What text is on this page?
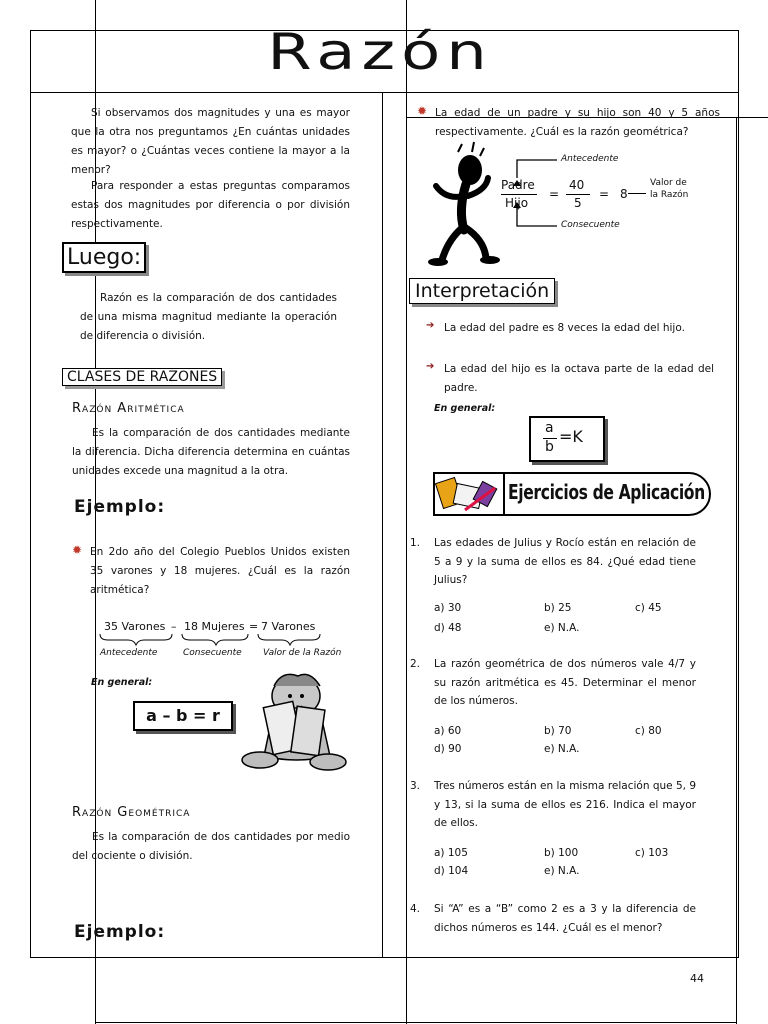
Razón
Si observamos dos magnitudes y una es mayor que la otra nos preguntamos ¿En cuántas unidades es mayor? o ¿Cuántas veces contiene la mayor a la menor?
Para responder a estas preguntas comparamos estas dos magnitudes por diferencia o por división respectivamente.
Luego:
Razón es la comparación de dos cantidades de una misma magnitud mediante la operación de diferencia o división.
CLASES DE RAZONES
Razón Aritmética
Es la comparación de dos cantidades mediante la diferencia. Dicha diferencia determina en cuántas unidades excede una magnitud a la otra.
Ejemplo:
✹ En 2do año del Colegio Pueblos Unidos existen 35 varones y 18 mujeres. ¿Cuál es la razón aritmética?
35 Varones – 18 Mujeres = 7 Varones
Antecedente	Consecuente Valor de la Razón
En general:
a – b = r
Razón Geométrica
Es la comparación de dos cantidades por medio del cociente o división.
Ejemplo:
✹ La edad de un padre y su hijo son 40 y 5 años respectivamente. ¿Cuál es la razón geométrica?
Antecedente
Padre
Hijo
=
40
5
= 8
Valor de
la Razón
Consecuente
Interpretación
➔ La edad del padre es 8 veces la edad del hijo.
➔ La edad del hijo es la octava parte de la edad del padre.
En general:
a
b
=K
Ejercicios de Aplicación
1. Las edades de Julius y Rocío están en relación de 5 a 9 y la suma de ellos es 84. ¿Qué edad tiene Julius?
a) 30	b) 25	c) 45
d) 48	e) N.A.
2. La razón geométrica de dos números vale 4/7 y su razón aritmética es 45. Determinar el menor de los números.
a) 60	b) 70	c) 80
d) 90	e) N.A.
3. Tres números están en la misma relación que 5, 9 y 13, si la suma de ellos es 216. Indica el mayor de ellos.
a) 105	b) 100	c) 103
d) 104	e) N.A.
4. Si “A” es a “B” como 2 es a 3 y la diferencia de dichos números es 144. ¿Cuál es el menor?
44
